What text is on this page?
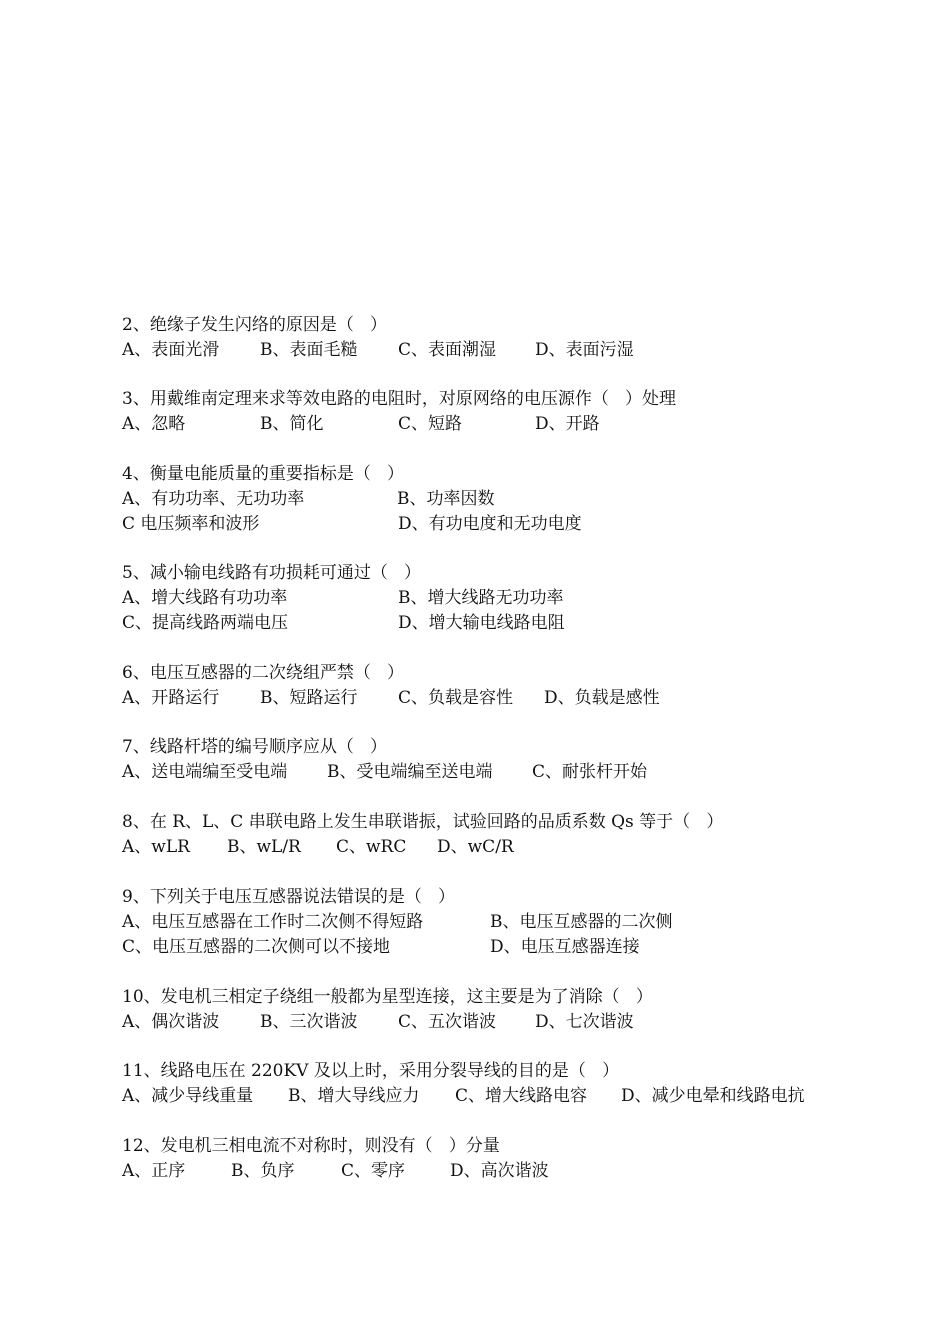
2、绝缘子发生闪络的原因是（   ）

A、表面光滑

B、表面毛糙

C、表面潮湿

D、表面污湿

3、用戴维南定理来求等效电路的电阻时，对原网络的电压源作（   ）处理

A、忽略

	B、简化

	C、短路

	D、开路

4、衡量电能质量的重要指标是（   ）

A、有功功率、无功功率

	B、功率因数

C 电压频率和波形

	D、有功电度和无功电度

5、减小输电线路有功损耗可通过（   ）

A、增大线路有功功率

	B、增大线路无功功率

C、提高线路两端电压

	D、增大输电线路电阻

6、电压互感器的二次绕组严禁（   ）

A、开路运行

B、短路运行

C、负载是容性

D、负载是感性

7、线路杆塔的编号顺序应从（   ）

A、送电端编至受电端

B、受电端编至送电端

C、耐张杆开始

8、在 R、L、C 串联电路上发生串联谐振，试验回路的品质系数 Qs 等于（   ）

A、wLR

B、wL/R

C、wRC

D、wC/R

9、下列关于电压互感器说法错误的是（   ）

A、电压互感器在工作时二次侧不得短路

	B、电压互感器的二次侧

C、电压互感器的二次侧可以不接地

	D、电压互感器连接

10、发电机三相定子绕组一般都为星型连接，这主要是为了消除（   ）

A、偶次谐波

B、三次谐波

C、五次谐波

D、七次谐波

11、线路电压在 220KV 及以上时，采用分裂导线的目的是（   ）

A、减少导线重量

B、增大导线应力

C、增大线路电容

D、减少电晕和线路电抗

12、发电机三相电流不对称时，则没有（   ）分量

A、正序

	B、负序

	C、零序

	D、高次谐波
